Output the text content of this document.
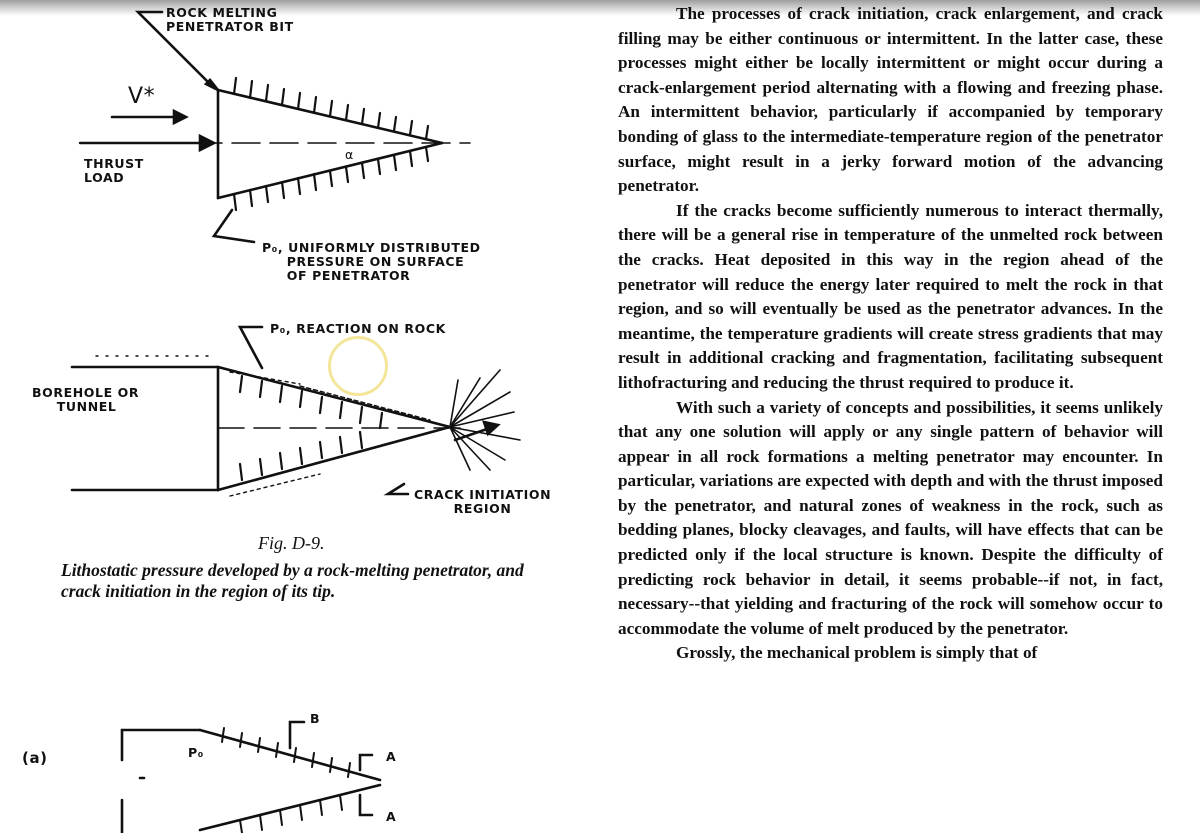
ROCK MELTING
PENETRATOR BIT
V*
THRUST
LOAD
α
P₀, UNIFORMLY DISTRIBUTED
PRESSURE ON SURFACE
OF PENETRATOR
P₀, REACTION ON ROCK
BOREHOLE OR
TUNNEL
CRACK INITIATION
REGION
(a)	P₀
B
A
A
Fig. D-9.
Lithostatic pressure developed by a rock-melting penetrator, and crack initiation in the region of its tip.

The processes of crack initiation, crack enlargement, and crack filling may be either continuous or intermittent. In the latter case, these processes might either be locally intermittent or might occur during a crack-enlargement period alternating with a flowing and freezing phase. An intermittent behavior, particularly if accompanied by temporary bonding of glass to the intermediate-temperature region of the penetrator surface, might result in a jerky forward motion of the advancing penetrator.

If the cracks become sufficiently numerous to interact thermally, there will be a general rise in temperature of the unmelted rock between the cracks. Heat deposited in this way in the region ahead of the penetrator will reduce the energy later required to melt the rock in that region, and so will eventually be used as the penetrator advances. In the meantime, the temperature gradients will create stress gradients that may result in additional cracking and fragmentation, facilitating subsequent lithofracturing and reducing the thrust required to produce it.

With such a variety of concepts and possibilities, it seems unlikely that any one solution will apply or any single pattern of behavior will appear in all rock formations a melting penetrator may encounter. In particular, variations are expected with depth and with the thrust imposed by the penetrator, and natural zones of weakness in the rock, such as bedding planes, blocky cleavages, and faults, will have effects that can be predicted only if the local structure is known. Despite the difficulty of predicting rock behavior in detail, it seems probable--if not, in fact, necessary--that yielding and fracturing of the rock will somehow occur to accommodate the volume of melt produced by the penetrator.

Grossly, the mechanical problem is simply that of
